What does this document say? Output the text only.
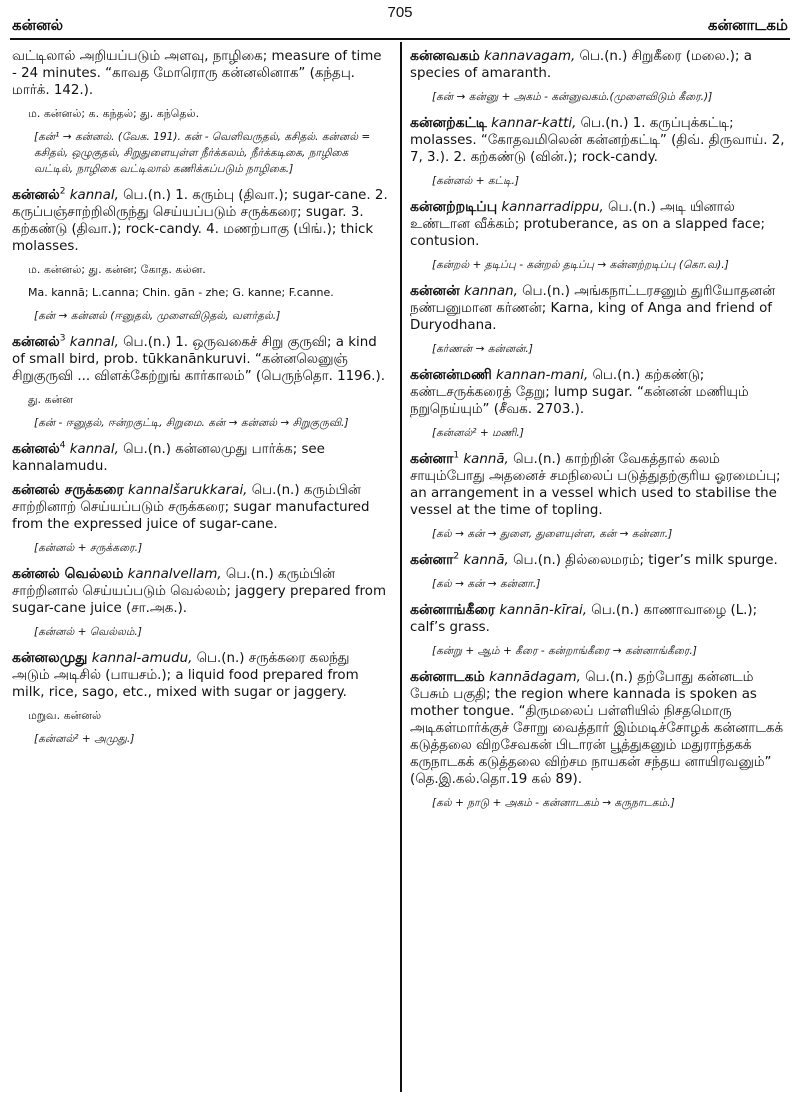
கன்னல்
705
கன்னாடகம்

வட்டிலால் அறியப்படும் அளவு, நாழிகை; measure of time - 24 minutes. “காவத மோரொரு கன்னலினாக” (கந்தபு. மார்க். 142.).

ம. கன்னல்; க. கந்தல்; து. கந்தெல்.
[கன்¹ → கன்னல். (வேக. 191). கன் - வெளிவருதல், கசிதல். கன்னல் = கசிதல், ஒழுகுதல், சிறுதுளையுள்ள நீர்க்கலம், நீர்க்கடிகை, நாழிகை வட்டில், நாழிகை வட்டிலால் கணிக்கப்படும் நாழிகை.]

கன்னல்$^2$ kannal, பெ.(n.) 1. கரும்பு (திவா.); sugar-cane. 2. கருப்பஞ்சாற்றிலிருந்து செய்யப்படும் சருக்கரை; sugar. 3. கற்கண்டு (திவா.); rock-candy. 4. மணற்பாகு (பிங்.); thick molasses.

ம. கன்னல்; து. கன்ன; கோத. கல்ன.
Ma. kannā; L.canna; Chin. gān - zhe; G. kanne; F.canne.
[கன் → கன்னல் (ஈனுதல், முளைவிடுதல், வளர்தல்.]

கன்னல்$^3$ kannal, பெ.(n.) 1. ஒருவகைச் சிறு குருவி; a kind of small bird, prob. tūkkanānkuruvi. “கன்னலெனுஞ் சிறுகுருவி ... விளக்கேற்றுங் கார்காலம்” (பெருந்தொ. 1196.).

து. கன்ன
[கன் - ஈனுதல், ஈன்றகுட்டி, சிறுமை. கன் → கன்னல் → சிறுகுருவி.]

கன்னல்$^4$ kannal, பெ.(n.) கன்னலமுது பார்க்க; see kannalamudu.

கன்னல் சருக்கரை kannalšarukkarai, பெ.(n.) கரும்பின் சாற்றினாற் செய்யப்படும் சருக்கரை; sugar manufactured from the expressed juice of sugar-cane.

[கன்னல் + சருக்கரை.]

கன்னல் வெல்லம் kannalvellam, பெ.(n.) கரும்பின் சாற்றினால் செய்யப்படும் வெல்லம்; jaggery prepared from sugar-cane juice (சா.அக.).

[கன்னல் + வெல்லம்.]

கன்னலமுது kannal-amudu, பெ.(n.) சருக்கரை கலந்து அடும் அடிசில் (பாயசம்.); a liquid food prepared from milk, rice, sago, etc., mixed with sugar or jaggery.

மறுவ. கன்னல்
[கன்னல்² + அமுது.]

கன்னவகம் kannavagam, பெ.(n.) சிறுகீரை (மலை.); a species of amaranth.

[கன் → கன்னு + அகம் - கன்னுவகம்.(முளைவிடும் கீரை.)]

கன்னற்கட்டி kannar-katti, பெ.(n.) 1. கருப்புக்கட்டி; molasses. “கோதவமிலென் கன்னற்கட்டி” (திவ். திருவாய். 2, 7, 3.). 2. கற்கண்டு (வின்.); rock-candy.

[கன்னல் + கட்டி.]

கன்னற்றடிப்பு kannarradippu, பெ.(n.) அடி யினால் உண்டான வீக்கம்; protuberance, as on a slapped face; contusion.

[கன்றல் + தடிப்பு - கன்றல் தடிப்பு → கன்னற்றடிப்பு (கொ.வ).]

கன்னன் kannan, பெ.(n.) அங்கநாட்டரசனும் துரியோதனன் நண்பனுமான கர்ணன்; Karna, king of Anga and friend of Duryodhana.

[கர்ணன் → கன்னன்.]

கன்னன்மணி kannan-mani, பெ.(n.) கற்கண்டு; கண்டசருக்கரைத் தேறு; lump sugar. “கன்னன் மணியும் நறுநெய்யும்” (சீவக. 2703.).

[கன்னல்² + மணி.]

கன்னா$^1$ kannā, பெ.(n.) காற்றின் வேகத்தால் கலம் சாயும்போது அதனைச் சமநிலைப் படுத்துதற்குரிய ஓரமைப்பு; an arrangement in a vessel which used to stabilise the vessel at the time of topling.

[கல் → கன் → துளை, துளையுள்ள, கன் → கன்னா.]

கன்னா$^2$ kannā, பெ.(n.) தில்லைமரம்; tiger’s milk spurge.

[கல் → கன் → கன்னா.]

கன்னாங்கீரை kannān-kīrai, பெ.(n.) காணாவாழை (L.); calf’s grass.

[கன்று + ஆம் + கீரை - கன்றாங்கீரை → கன்னாங்கீரை.]

கன்னாடகம் kannādagam, பெ.(n.) தற்போது கன்னடம் பேசும் பகுதி; the region where kannada is spoken as mother tongue. “திருமலைப் பள்ளியில் நிசதமொரு அடிகள்மார்க்குச் சோறு வைத்தார் இம்மடிச்சோழக் கன்னாடகக் கடுத்தலை விறசேவகன் பிடாரன் பூத்துகனும் மதுராந்தகக் கருநாடகக் கடுத்தலை விற்சம நாயகன் சந்தய னாயிரவனும்” (தெ.இ.கல்.தொ.19 கல் 89).

[கல் + நாடு + அகம் - கன்னாடகம் → கருநாடகம்.]
